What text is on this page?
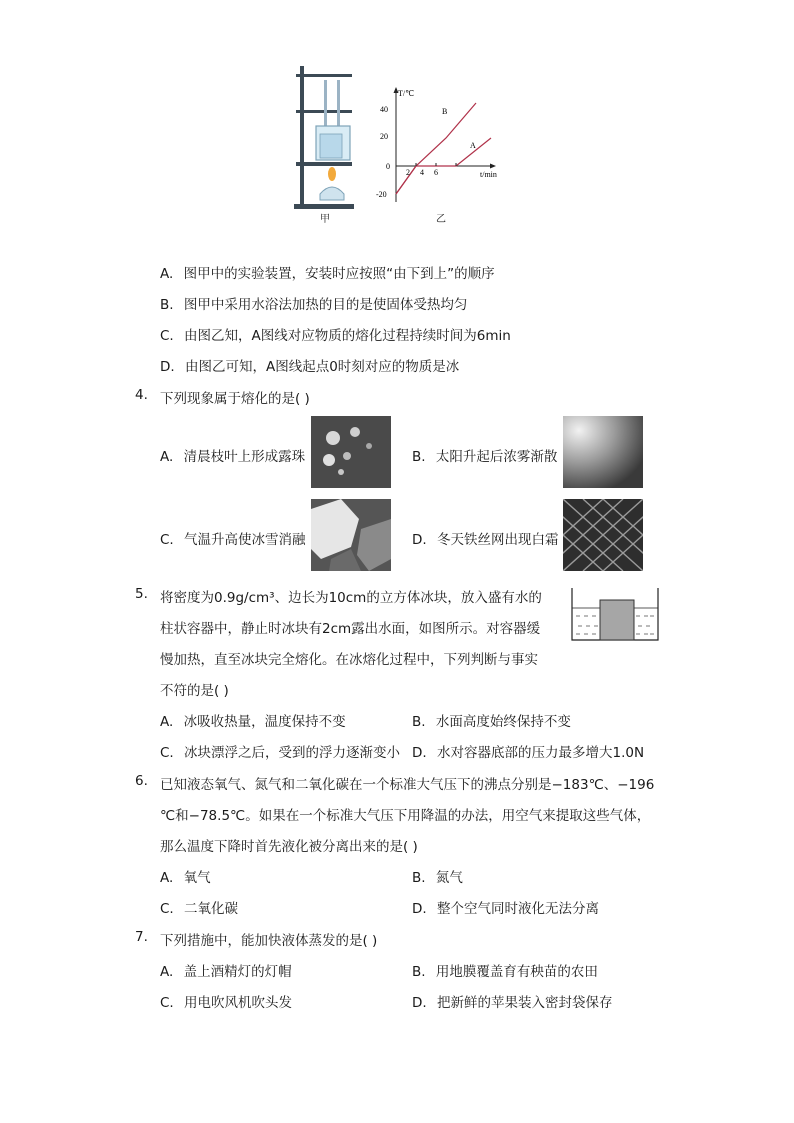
甲
T/℃
t/min
40
20
0
-20
2 4 6
A
B
乙
A. 图甲中的实验装置，安装时应按照“由下到上”的顺序
B. 图甲中采用水浴法加热的目的是使固体受热均匀
C. 由图乙知，A图线对应物质的熔化过程持续时间为6min
D. 由图乙可知，A图线起点0时刻对应的物质是冰
4. 下列现象属于熔化的是( )
A. 清晨枝叶上形成露珠	B. 太阳升起后浓雾渐散
C. 气温升高使冰雪消融	D. 冬天铁丝网出现白霜
5. 将密度为0.9g/cm³、边长为10cm的立方体冰块，放入盛有水的
柱状容器中，静止时冰块有2cm露出水面，如图所示。对容器缓
慢加热，直至冰块完全熔化。在冰熔化过程中，下列判断与事实
不符的是( )
A. 冰吸收热量，温度保持不变	B. 水面高度始终保持不变
C. 冰块漂浮之后，受到的浮力逐渐变小 D. 水对容器底部的压力最多增大1.0N
6. 已知液态氧气、氮气和二氧化碳在一个标准大气压下的沸点分别是−183℃、−196
℃和−78.5℃。如果在一个标准大气压下用降温的办法，用空气来提取这些气体，
那么温度下降时首先液化被分离出来的是( )
A. 氧气	B. 氮气
C. 二氧化碳	D. 整个空气同时液化无法分离
7. 下列措施中，能加快液体蒸发的是( )
A. 盖上酒精灯的灯帽	B. 用地膜覆盖育有秧苗的农田
C. 用电吹风机吹头发	D. 把新鲜的苹果装入密封袋保存
